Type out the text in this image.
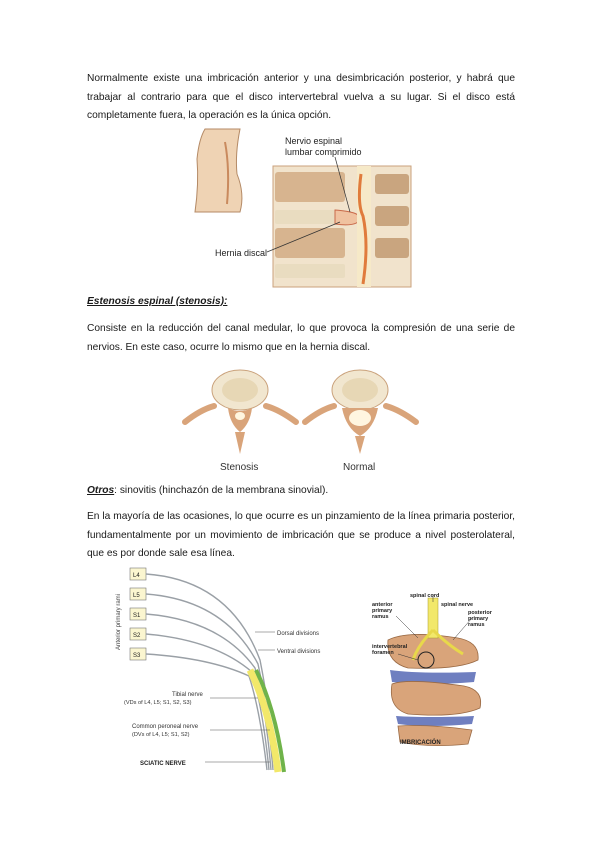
Normalmente existe una imbricación anterior y una desimbricación posterior, y habrá que trabajar al contrario para que el disco intervertebral vuelva a su lugar. Si el disco está completamente fuera, la operación es la única opción.

Nervio espinal
lumbar comprimido
Hernia discal

Estenosis espinal (stenosis):

Consiste en la reducción del canal medular, lo que provoca la compresión de una serie de nervios. En este caso, ocurre lo mismo que en la hernia discal.

Stenosis	Normal

Otros: sinovitis (hinchazón de la membrana sinovial).

En la mayoría de las ocasiones, lo que ocurre es un pinzamiento de la línea primaria posterior, fundamentalmente por un movimiento de imbricación que se produce a nivel posterolateral, que es por donde sale esa línea.

Anterior primary rami
L4
L5
S1
S2
S3
Dorsal divisions
Ventral divisions
Tibial nerve
(VDs of L4, L5; S1, S2, S3)
Common peroneal nerve
(DVs of L4, L5; S1, S2)
SCIATIC NERVE
spinal cord
spinal nerve
anterior
primary
ramus
posterior
primary
ramus
intervertebral
foramen
IMBRICACIÓN
